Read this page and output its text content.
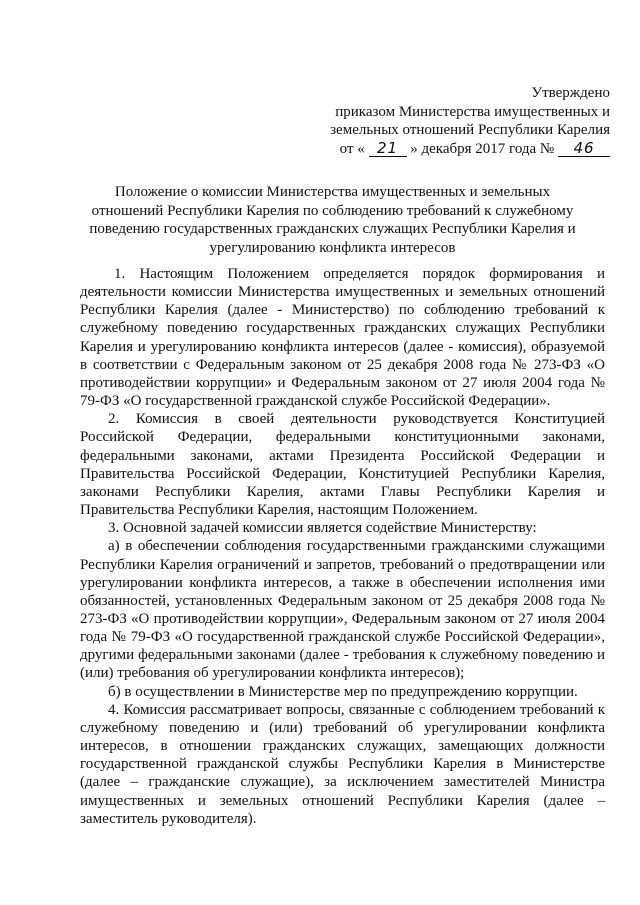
Утверждено
приказом Министерства имущественных и
земельных отношений Республики Карелия
от « 21 » декабря 2017 года № 46
Положение о комиссии Министерства имущественных и земельных отношений Республики Карелия по соблюдению требований к служебному поведению государственных гражданских служащих Республики Карелия и урегулированию конфликта интересов

1. Настоящим Положением определяется порядок формирования и деятельности комиссии Министерства имущественных и земельных отношений Республики Карелия (далее - Министерство) по соблюдению требований к служебному поведению государственных гражданских служащих Республики Карелия и урегулированию конфликта интересов (далее - комиссия), образуемой в соответствии с Федеральным законом от 25 декабря 2008 года № 273-ФЗ «О противодействии коррупции» и Федеральным законом от 27 июля 2004 года № 79-ФЗ «О государственной гражданской службе Российской Федерации».

2. Комиссия в своей деятельности руководствуется Конституцией Российской Федерации, федеральными конституционными законами, федеральными законами, актами Президента Российской Федерации и Правительства Российской Федерации, Конституцией Республики Карелия, законами Республики Карелия, актами Главы Республики Карелия и Правительства Республики Карелия, настоящим Положением.

3. Основной задачей комиссии является содействие Министерству:

а) в обеспечении соблюдения государственными гражданскими служащими Республики Карелия ограничений и запретов, требований о предотвращении или урегулировании конфликта интересов, а также в обеспечении исполнения ими обязанностей, установленных Федеральным законом от 25 декабря 2008 года № 273-ФЗ «О противодействии коррупции», Федеральным законом от 27 июля 2004 года № 79-ФЗ «О государственной гражданской службе Российской Федерации», другими федеральными законами (далее - требования к служебному поведению и (или) требования об урегулировании конфликта интересов);

б) в осуществлении в Министерстве мер по предупреждению коррупции.

4. Комиссия рассматривает вопросы, связанные с соблюдением требований к служебному поведению и (или) требований об урегулировании конфликта интересов, в отношении гражданских служащих, замещающих должности государственной гражданской службы Республики Карелия в Министерстве (далее – гражданские служащие), за исключением заместителей Министра имущественных и земельных отношений Республики Карелия (далее – заместитель руководителя).
